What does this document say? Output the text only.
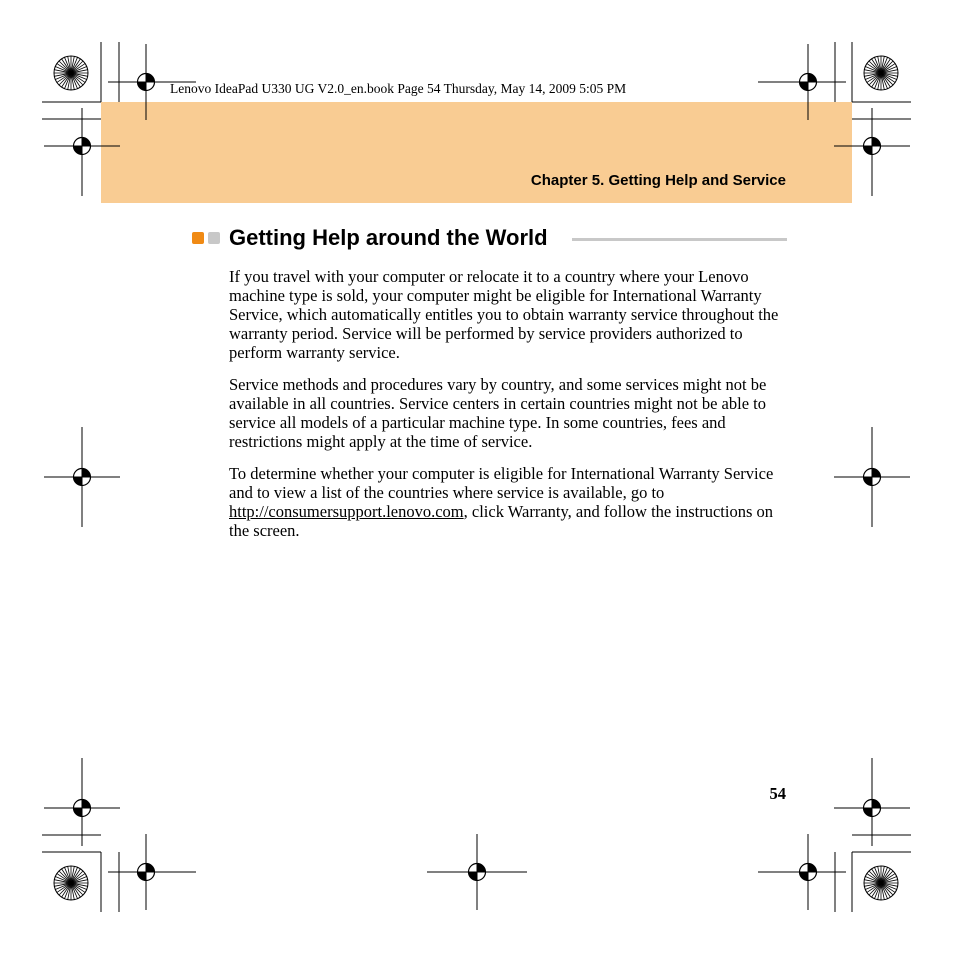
Lenovo IdeaPad U330 UG V2.0_en.book Page 54 Thursday, May 14, 2009 5:05 PM
Chapter 5. Getting Help and Service
Getting Help around the World

If you travel with your computer or relocate it to a country where your Lenovo machine type is sold, your computer might be eligible for International Warranty Service, which automatically entitles you to obtain warranty service throughout the warranty period. Service will be performed by service providers authorized to perform warranty service.

Service methods and procedures vary by country, and some services might not be available in all countries. Service centers in certain countries might not be able to service all models of a particular machine type. In some countries, fees and restrictions might apply at the time of service.

To determine whether your computer is eligible for International Warranty Service and to view a list of the countries where service is available, go to http://consumersupport.lenovo.com, click Warranty, and follow the instructions on the screen.

54
